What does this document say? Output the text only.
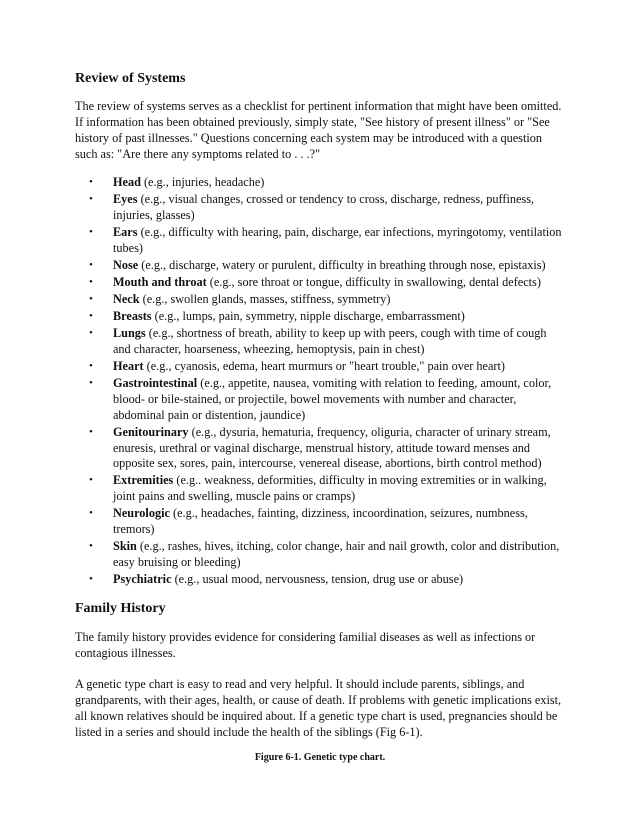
Review of Systems

The review of systems serves as a checklist for pertinent information that might have been omitted. If information has been obtained previously, simply state, "See history of present illness" or "See history of past illnesses." Questions concerning each system may be introduced with a question such as: "Are there any symptoms related to . . .?"

• Head (e.g., injuries, headache)
• Eyes (e.g., visual changes, crossed or tendency to cross, discharge, redness, puffiness, injuries, glasses)
• Ears (e.g., difficulty with hearing, pain, discharge, ear infections, myringotomy, ventilation tubes)
• Nose (e.g., discharge, watery or purulent, difficulty in breathing through nose, epistaxis)
• Mouth and throat (e.g., sore throat or tongue, difficulty in swallowing, dental defects)
• Neck (e.g., swollen glands, masses, stiffness, symmetry)
• Breasts (e.g., lumps, pain, symmetry, nipple discharge, embarrassment)
• Lungs (e.g., shortness of breath, ability to keep up with peers, cough with time of cough and character, hoarseness, wheezing, hemoptysis, pain in chest)
• Heart (e.g., cyanosis, edema, heart murmurs or "heart trouble," pain over heart)
• Gastrointestinal (e.g., appetite, nausea, vomiting with relation to feeding, amount, color, blood- or bile-stained, or projectile, bowel movements with number and character, abdominal pain or distention, jaundice)
• Genitourinary (e.g., dysuria, hematuria, frequency, oliguria, character of urinary stream, enuresis, urethral or vaginal discharge, menstrual history, attitude toward menses and opposite sex, sores, pain, intercourse, venereal disease, abortions, birth control method)
• Extremities (e.g.. weakness, deformities, difficulty in moving extremities or in walking, joint pains and swelling, muscle pains or cramps)
• Neurologic (e.g., headaches, fainting, dizziness, incoordination, seizures, numbness, tremors)
• Skin (e.g., rashes, hives, itching, color change, hair and nail growth, color and distribution, easy bruising or bleeding)
• Psychiatric (e.g., usual mood, nervousness, tension, drug use or abuse)
Family History

The family history provides evidence for considering familial diseases as well as infections or contagious illnesses.

A genetic type chart is easy to read and very helpful. It should include parents, siblings, and grandparents, with their ages, health, or cause of death. If problems with genetic implications exist, all known relatives should be inquired about. If a genetic type chart is used, pregnancies should be listed in a series and should include the health of the siblings (Fig 6-1).

Figure 6-1. Genetic type chart.
